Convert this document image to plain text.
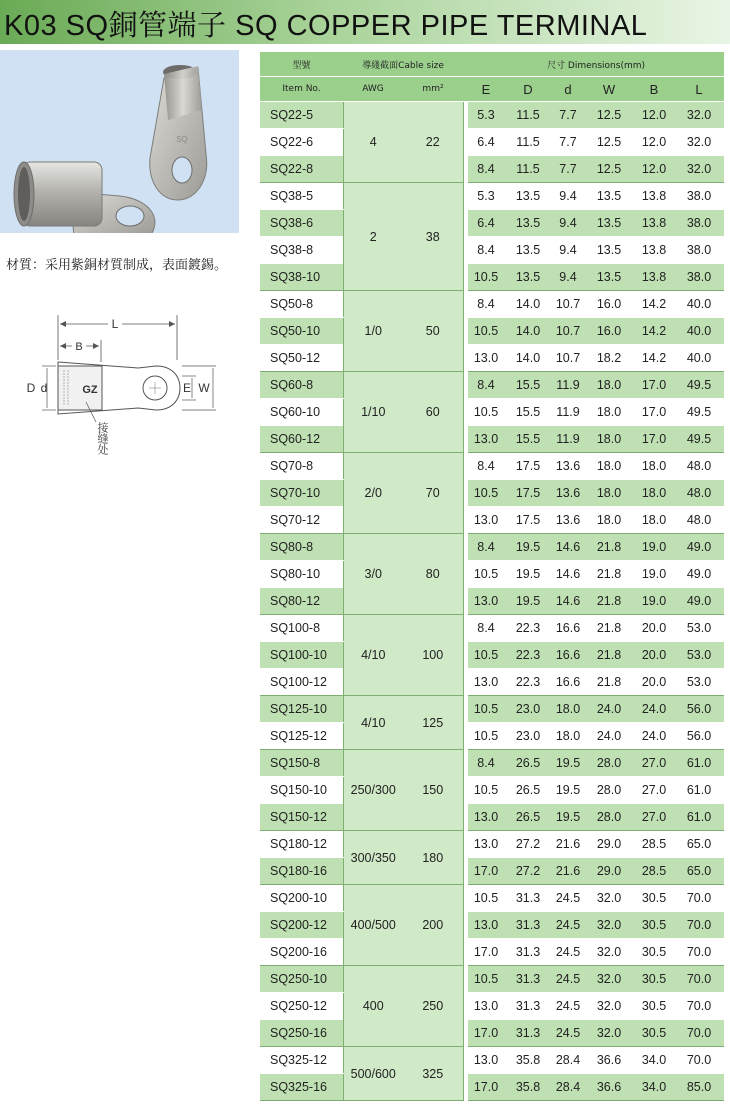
K03 SQ銅管端子 SQ COPPER PIPE TERMINAL
SQ
材質：采用紫銅材質制成，表面鍍錫。
L
B
GZ
D d	E W
接缝处
型號	導綫截面Cable size			尺寸 Dimensions(mm)					
Item No.	AWG	mm²		E	D	d	W	B	L
SQ22-5	4	22		5.3	11.5	7.7	12.5	12.0	32.0
SQ22-6				6.4	11.5	7.7	12.5	12.0	32.0
SQ22-8				8.4	11.5	7.7	12.5	12.0	32.0
SQ38-5	2	38		5.3	13.5	9.4	13.5	13.8	38.0
SQ38-6				6.4	13.5	9.4	13.5	13.8	38.0
SQ38-8				8.4	13.5	9.4	13.5	13.8	38.0
SQ38-10				10.5	13.5	9.4	13.5	13.8	38.0
SQ50-8	1/0	50		8.4	14.0	10.7	16.0	14.2	40.0
SQ50-10				10.5	14.0	10.7	16.0	14.2	40.0
SQ50-12				13.0	14.0	10.7	18.2	14.2	40.0
SQ60-8	1/10	60		8.4	15.5	11.9	18.0	17.0	49.5
SQ60-10				10.5	15.5	11.9	18.0	17.0	49.5
SQ60-12				13.0	15.5	11.9	18.0	17.0	49.5
SQ70-8	2/0	70		8.4	17.5	13.6	18.0	18.0	48.0
SQ70-10				10.5	17.5	13.6	18.0	18.0	48.0
SQ70-12				13.0	17.5	13.6	18.0	18.0	48.0
SQ80-8	3/0	80		8.4	19.5	14.6	21.8	19.0	49.0
SQ80-10				10.5	19.5	14.6	21.8	19.0	49.0
SQ80-12				13.0	19.5	14.6	21.8	19.0	49.0
SQ100-8	4/10	100		8.4	22.3	16.6	21.8	20.0	53.0
SQ100-10				10.5	22.3	16.6	21.8	20.0	53.0
SQ100-12				13.0	22.3	16.6	21.8	20.0	53.0
SQ125-10	4/10	125		10.5	23.0	18.0	24.0	24.0	56.0
SQ125-12				10.5	23.0	18.0	24.0	24.0	56.0
SQ150-8	250/300	150		8.4	26.5	19.5	28.0	27.0	61.0
SQ150-10				10.5	26.5	19.5	28.0	27.0	61.0
SQ150-12				13.0	26.5	19.5	28.0	27.0	61.0
SQ180-12	300/350	180		13.0	27.2	21.6	29.0	28.5	65.0
SQ180-16				17.0	27.2	21.6	29.0	28.5	65.0
SQ200-10	400/500	200		10.5	31.3	24.5	32.0	30.5	70.0
SQ200-12				13.0	31.3	24.5	32.0	30.5	70.0
SQ200-16				17.0	31.3	24.5	32.0	30.5	70.0
SQ250-10	400	250		10.5	31.3	24.5	32.0	30.5	70.0
SQ250-12				13.0	31.3	24.5	32.0	30.5	70.0
SQ250-16				17.0	31.3	24.5	32.0	30.5	70.0
SQ325-12	500/600	325		13.0	35.8	28.4	36.6	34.0	70.0
SQ325-16				17.0	35.8	28.4	36.6	34.0	85.0
